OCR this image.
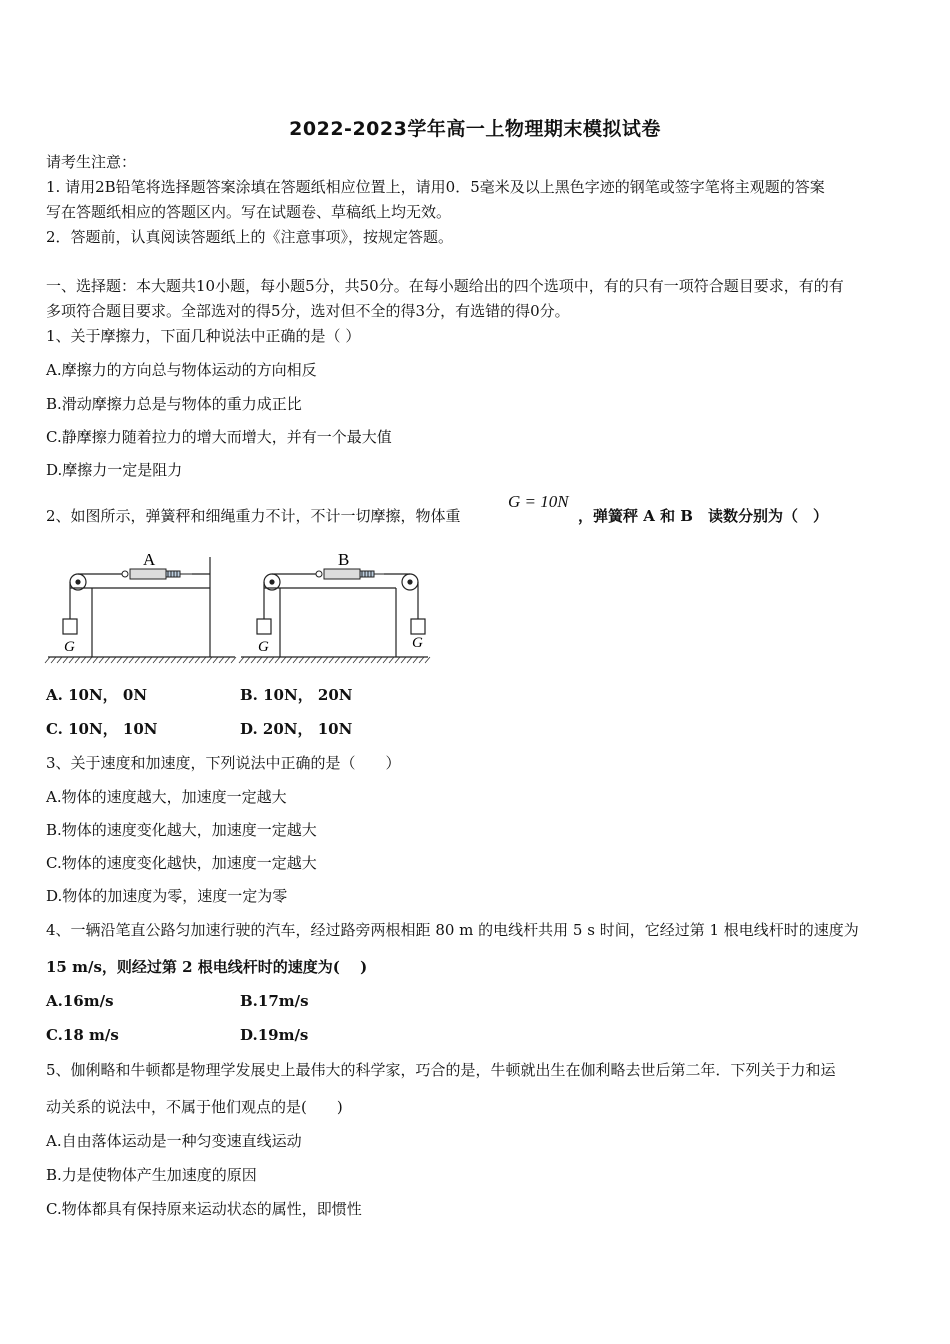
2022-2023学年高一上物理期末模拟试卷
请考生注意：
1. 请用2B铅笔将选择题答案涂填在答题纸相应位置上，请用0．5毫米及以上黑色字迹的钢笔或签字笔将主观题的答案
写在答题纸相应的答题区内。写在试题卷、草稿纸上均无效。
2．答题前，认真阅读答题纸上的《注意事项》，按规定答题。
一、选择题：本大题共10小题，每小题5分，共50分。在每小题给出的四个选项中，有的只有一项符合题目要求，有的有
多项符合题目要求。全部选对的得5分，选对但不全的得3分，有选错的得0分。
1、关于摩擦力，下面几种说法中正确的是（ ）
A.摩擦力的方向总与物体运动的方向相反
B.滑动摩擦力总是与物体的重力成正比
C.静摩擦力随着拉力的增大而增大，并有一个最大值
D.摩擦力一定是阻力
2、如图所示，弹簧秤和细绳重力不计，不计一切摩擦，物体重
G = 10N
，弹簧秤 A 和 B　读数分别为（　）
A
G
B
G	G
A. 10N， 0N	B. 10N， 20N
C. 10N， 10N	D. 20N， 10N
3、关于速度和加速度，下列说法中正确的是（　　）
A.物体的速度越大，加速度一定越大
B.物体的速度变化越大，加速度一定越大
C.物体的速度变化越快，加速度一定越大
D.物体的加速度为零，速度一定为零
4、一辆沿笔直公路匀加速行驶的汽车，经过路旁两根相距 80 m 的电线杆共用 5 s 时间，它经过第 1 根电线杆时的速度为
15 m/s，则经过第 2 根电线杆时的速度为(　 )
A.16m/s	B.17m/s
C.18 m/s	D.19m/s
5、伽俐略和牛顿都是物理学发展史上最伟大的科学家，巧合的是，牛顿就出生在伽利略去世后第二年．下列关于力和运
动关系的说法中，不属于他们观点的是(　　)
A.自由落体运动是一种匀变速直线运动
B.力是使物体产生加速度的原因
C.物体都具有保持原来运动状态的属性，即惯性
